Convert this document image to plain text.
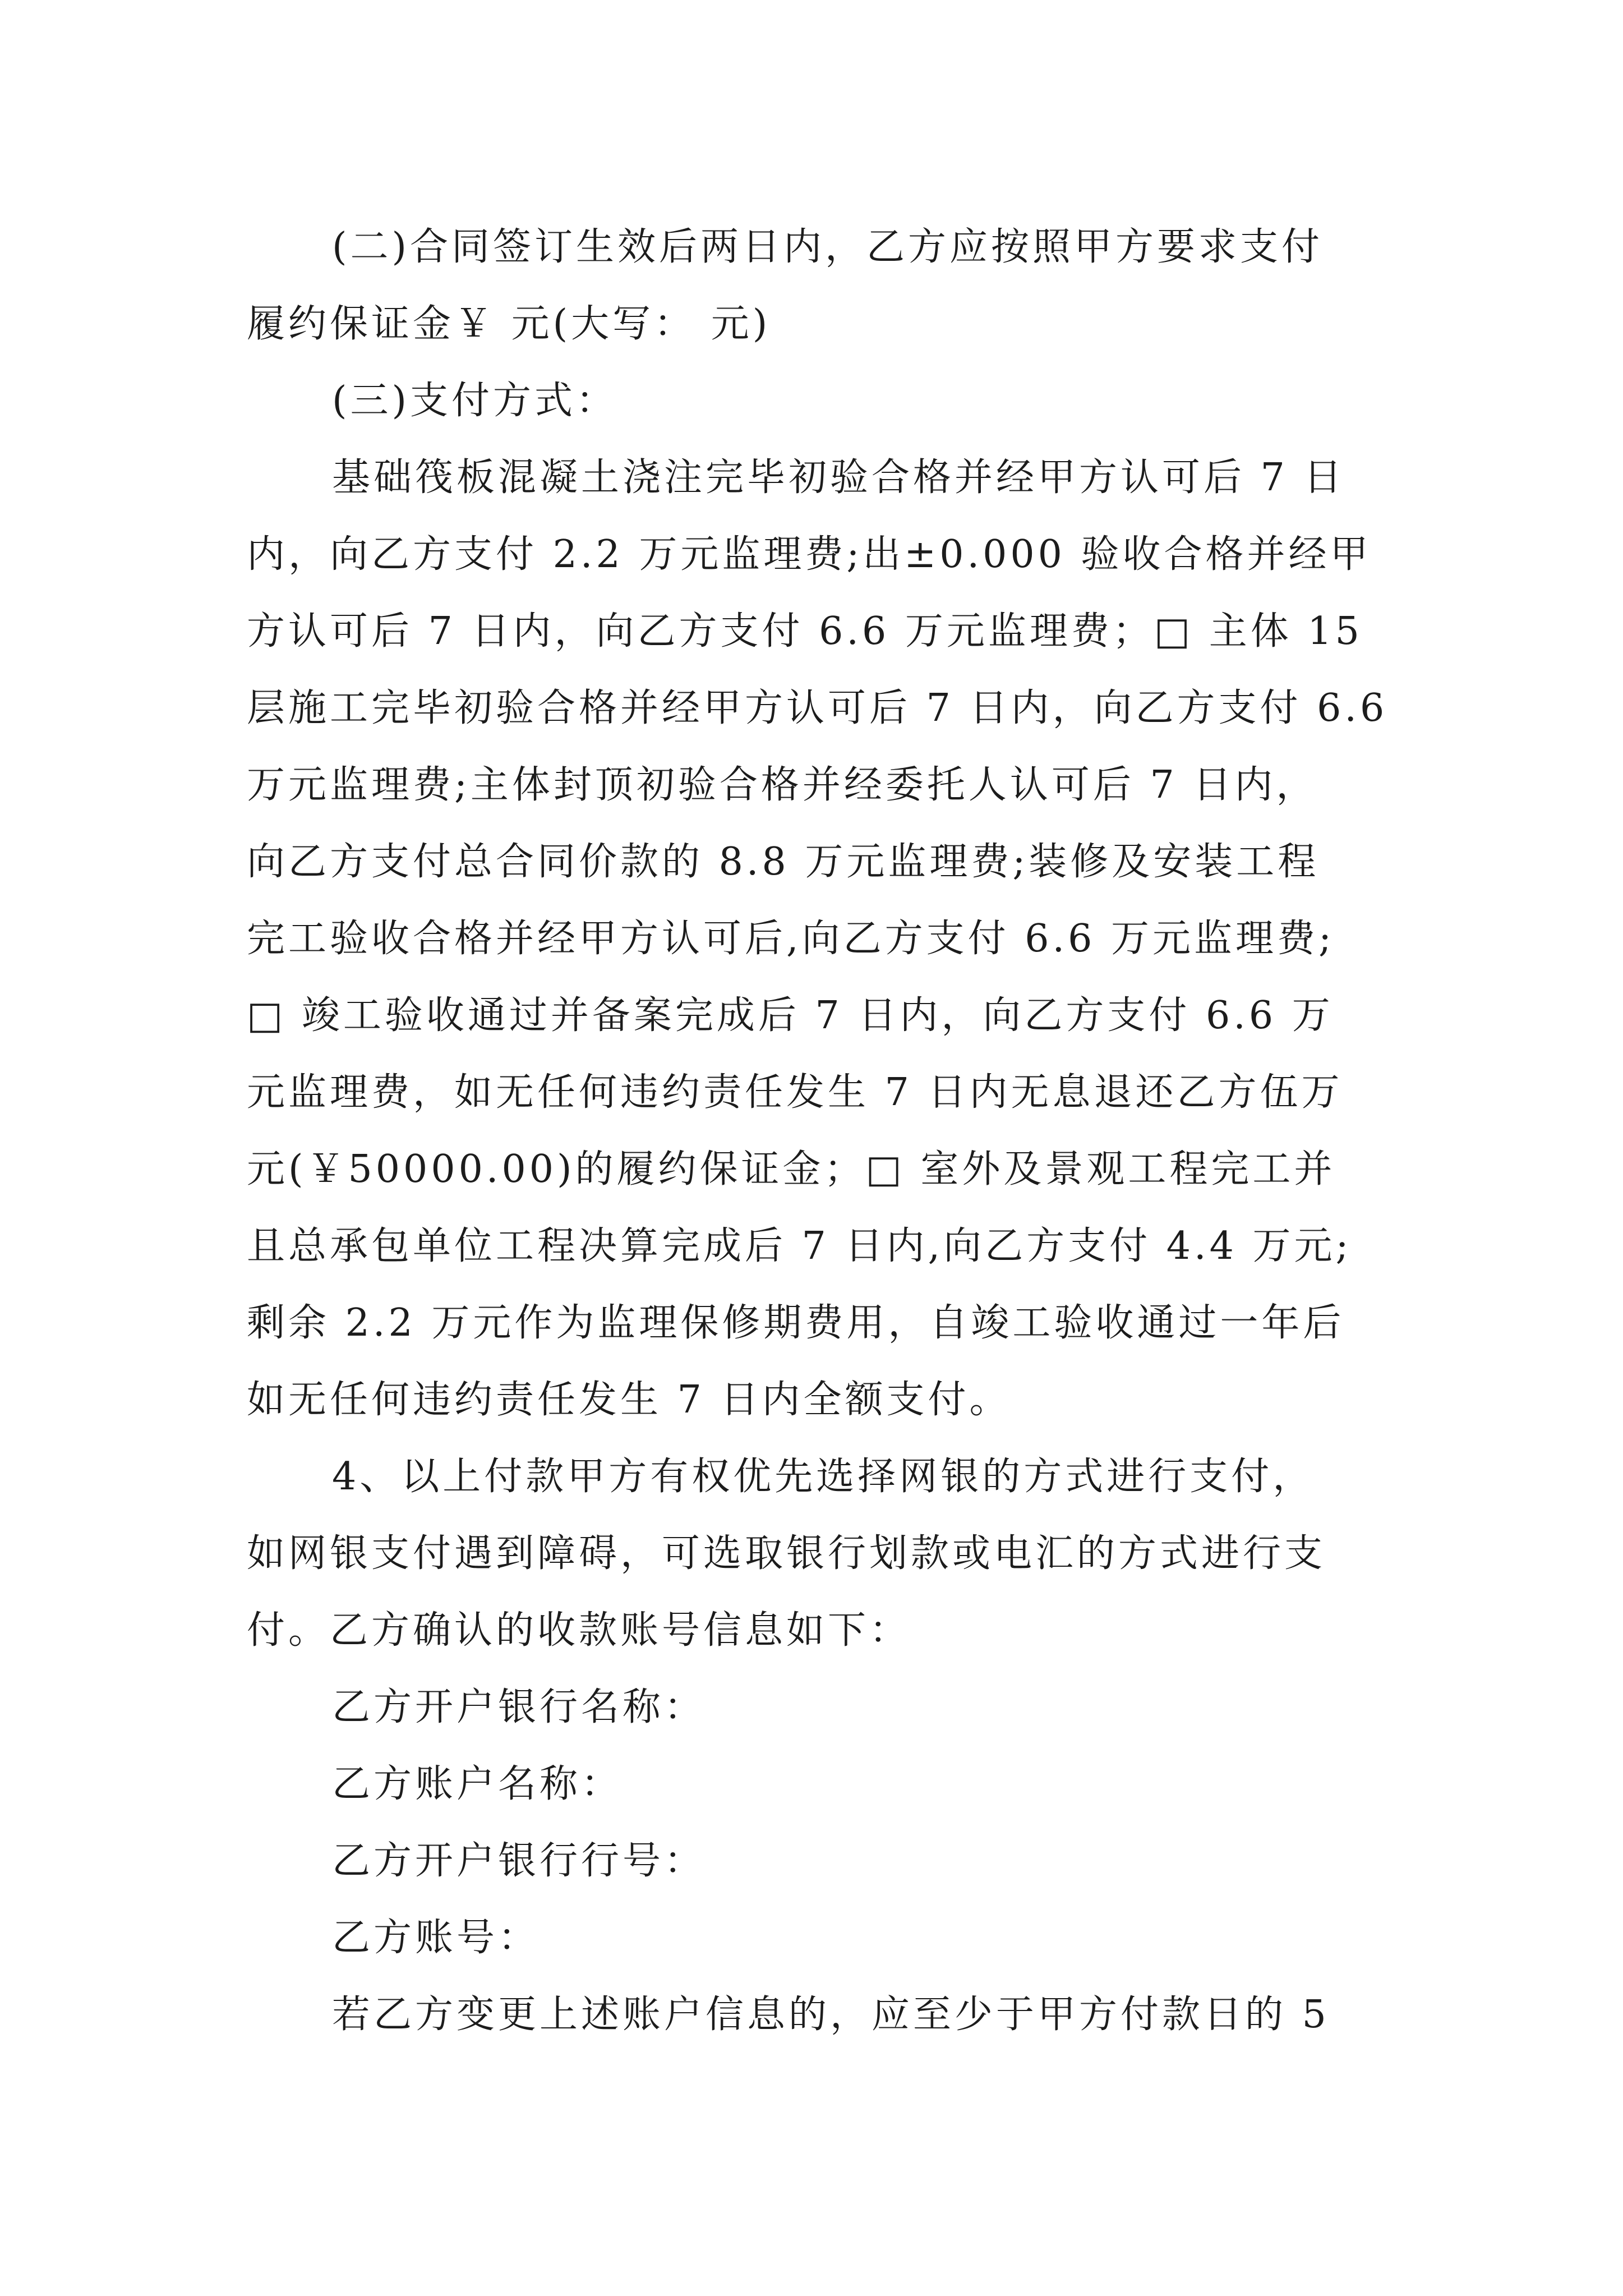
(二)合同签订生效后两日内，乙方应按照甲方要求支付
履约保证金￥ 元(大写： 元)
(三)支付方式：
基础筏板混凝土浇注完毕初验合格并经甲方认可后 7 日
内，向乙方支付 2.2 万元监理费;出±0.000 验收合格并经甲
方认可后 7 日内，向乙方支付 6.6 万元监理费；□ 主体 15
层施工完毕初验合格并经甲方认可后 7 日内，向乙方支付 6.6
万元监理费;主体封顶初验合格并经委托人认可后 7 日内，
向乙方支付总合同价款的 8.8 万元监理费;装修及安装工程
完工验收合格并经甲方认可后,向乙方支付 6.6 万元监理费;
□ 竣工验收通过并备案完成后 7 日内，向乙方支付 6.6 万
元监理费，如无任何违约责任发生 7 日内无息退还乙方伍万
元(￥50000.00)的履约保证金；□ 室外及景观工程完工并
且总承包单位工程决算完成后 7 日内,向乙方支付 4.4 万元;
剩余 2.2 万元作为监理保修期费用，自竣工验收通过一年后
如无任何违约责任发生 7 日内全额支付。
4、以上付款甲方有权优先选择网银的方式进行支付，
如网银支付遇到障碍，可选取银行划款或电汇的方式进行支
付。乙方确认的收款账号信息如下：
乙方开户银行名称：
乙方账户名称：
乙方开户银行行号：
乙方账号：
若乙方变更上述账户信息的，应至少于甲方付款日的 5
